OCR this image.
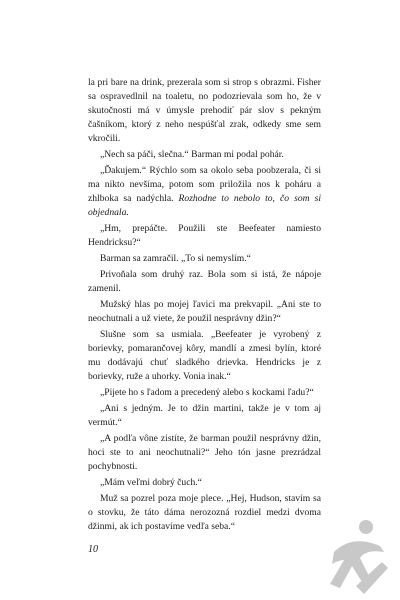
la pri bare na drink, prezerala som si strop s obrazmi. Fisher sa ospravedlnil na toaletu, no podozrievala som ho, že v skutočnosti má v úmysle prehodiť pár slov s pekným čašníkom, ktorý z neho nespúšťal zrak, odkedy sme sem vkročili.

„Nech sa páči, slečna.“ Barman mi podal pohár.

„Ďakujem.“ Rýchlo som sa okolo seba poobzerala, či si ma nikto nevšíma, potom som priložila nos k poháru a zhlboka sa nadýchla. Rozhodne to nebolo to, čo som si objednala.

„Hm, prepáčte. Použili ste Beefeater namiesto Hendricksu?“

Barman sa zamračil. „To si nemyslím.“

Privoňala som druhý raz. Bola som si istá, že nápoje zamenil.

Mužský hlas po mojej ľavici ma prekvapil. „Ani ste to neochutnali a už viete, že použil nesprávny džin?“

Slušne som sa usmiala. „Beefeater je vyrobený z borievky, pomarančovej kôry, mandlí a zmesi bylín, ktoré mu dodávajú chuť sladkého drievka. Hendricks je z borievky, ruže a uhorky. Vonia inak.“

„Pijete ho s ľadom a precedený alebo s kockami ľadu?“

„Ani s jedným. Je to džin martini, takže je v tom aj vermút.“

„A podľa vône zistíte, že barman použil nesprávny džin, hoci ste to ani neochutnali?“ Jeho tón jasne prezrádzal pochybnosti.

„Mám veľmi dobrý čuch.“

Muž sa pozrel poza moje plece. „Hej, Hudson, stavím sa o stovku, že táto dáma nerozozná rozdiel medzi dvoma džinmi, ak ich postavíme vedľa seba.“

10
